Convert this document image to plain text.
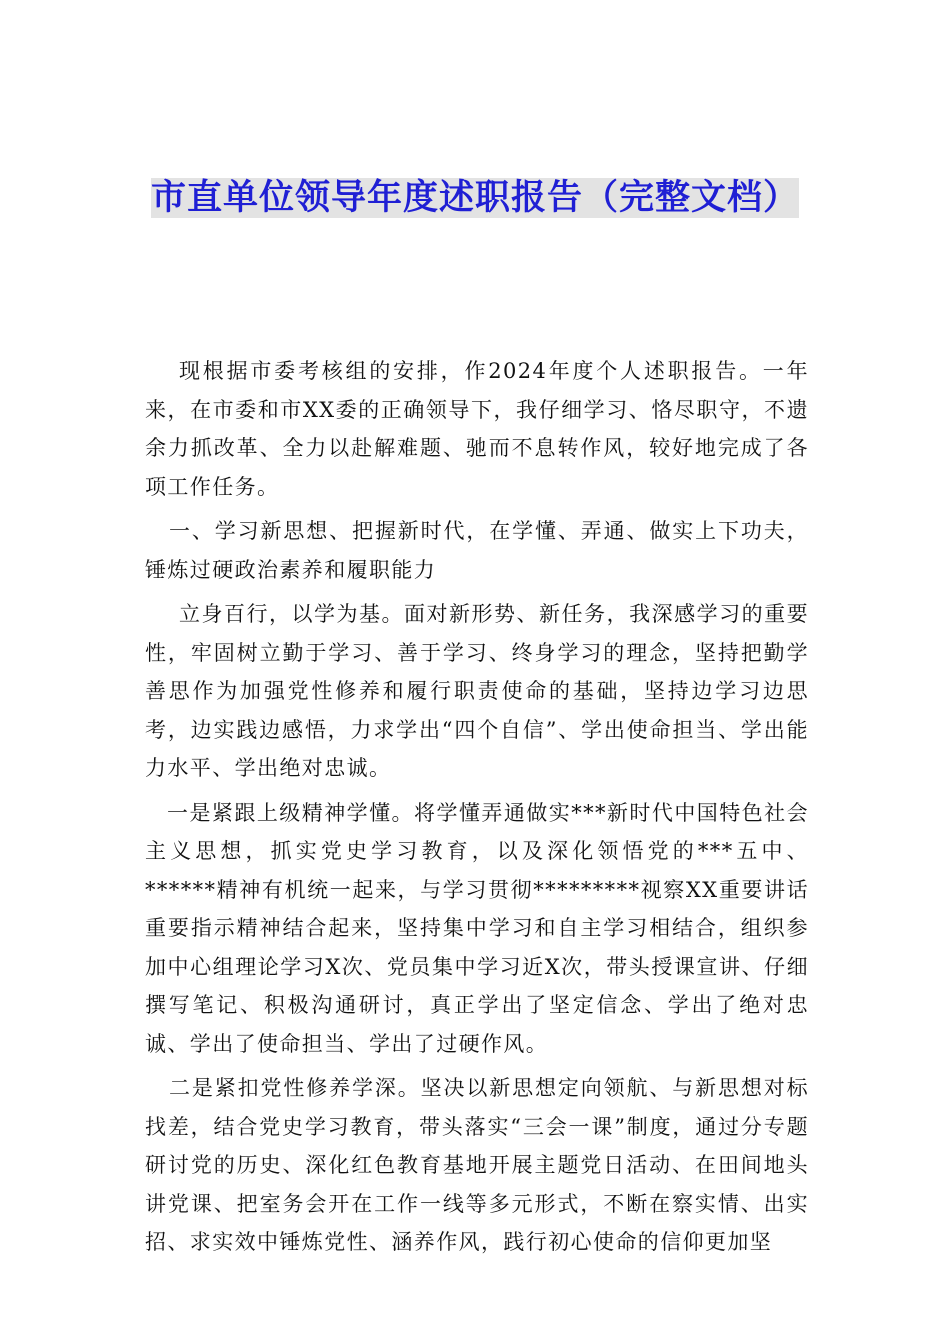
市直单位领导年度述职报告（完整文档）

现根据市委考核组的安排，作2024年度个人述职报告。一年来，在市委和市XX委的正确领导下，我仔细学习、恪尽职守，不遗余力抓改革、全力以赴解难题、驰而不息转作风，较好地完成了各项工作任务。

一、学习新思想、把握新时代，在学懂、弄通、做实上下功夫，锤炼过硬政治素养和履职能力

立身百行，以学为基。面对新形势、新任务，我深感学习的重要性，牢固树立勤于学习、善于学习、终身学习的理念，坚持把勤学善思作为加强党性修养和履行职责使命的基础，坚持边学习边思考，边实践边感悟，力求学出“四个自信”、学出使命担当、学出能力水平、学出绝对忠诚。

一是紧跟上级精神学懂。将学懂弄通做实***新时代中国特色社会主义思想，抓实党史学习教育，以及深化领悟党的***五中、******精神有机统一起来，与学习贯彻*********视察XX重要讲话重要指示精神结合起来，坚持集中学习和自主学习相结合，组织参加中心组理论学习X次、党员集中学习近X次，带头授课宣讲、仔细撰写笔记、积极沟通研讨，真正学出了坚定信念、学出了绝对忠诚、学出了使命担当、学出了过硬作风。

二是紧扣党性修养学深。坚决以新思想定向领航、与新思想对标找差，结合党史学习教育，带头落实“三会一课”制度，通过分专题研讨党的历史、深化红色教育基地开展主题党日活动、在田间地头讲党课、把室务会开在工作一线等多元形式，不断在察实情、出实招、求实效中锤炼党性、涵养作风，践行初心使命的信仰更加坚
